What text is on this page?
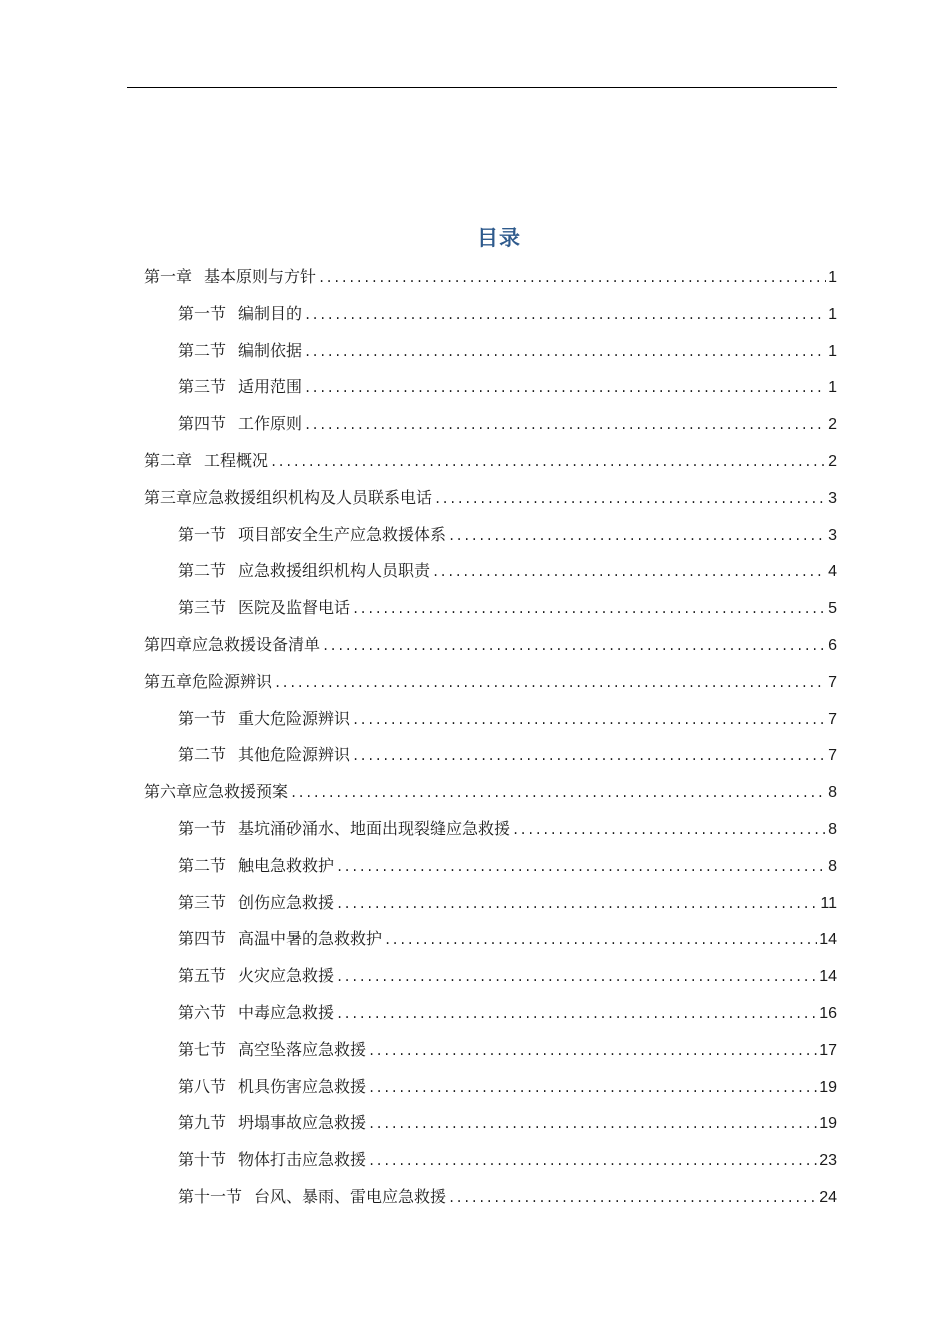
目录
第一章 基本原则与方针 .....	1
第一节 编制目的 .....	1
第二节 编制依据 .....	1
第三节 适用范围 .....	1
第四节 工作原则 .....	2
第二章 工程概况 .....	2
第三章应急救援组织机构及人员联系电话 .....	3
第一节 项目部安全生产应急救援体系 .....	3
第二节 应急救援组织机构人员职责 .....	4
第三节 医院及监督电话 .....	5
第四章应急救援设备清单 .....	6
第五章危险源辨识 .....	7
第一节 重大危险源辨识 .....	7
第二节 其他危险源辨识 .....	7
第六章应急救援预案 .....	8
第一节 基坑涌砂涌水、地面出现裂缝应急救援 .....	8
第二节 触电急救救护 .....	8
第三节 创伤应急救援 .....	11
第四节 高温中暑的急救救护 .....	14
第五节 火灾应急救援 .....	14
第六节 中毒应急救援 .....	16
第七节 高空坠落应急救援 .....	17
第八节 机具伤害应急救援 .....	19
第九节 坍塌事故应急救援 .....	19
第十节 物体打击应急救援 .....	23
第十一节 台风、暴雨、雷电应急救援 .....	24
